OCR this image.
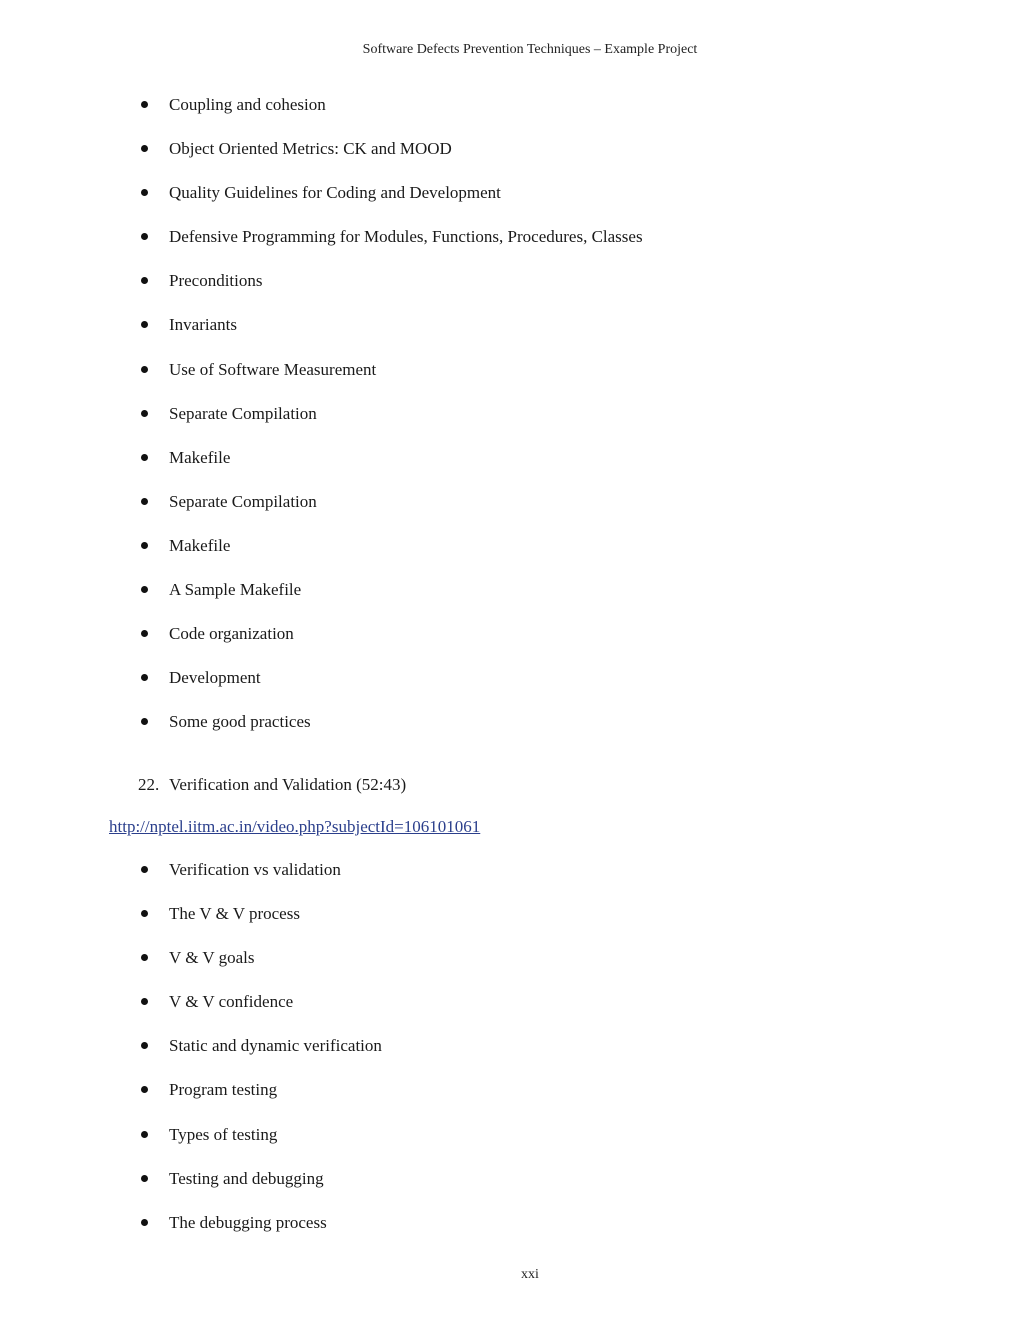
Software Defects Prevention Techniques – Example Project
Coupling and cohesion
Object Oriented Metrics: CK and MOOD
Quality Guidelines for Coding and Development
Defensive Programming for Modules, Functions, Procedures, Classes
Preconditions
Invariants
Use of Software Measurement
Separate Compilation
Makefile
Separate Compilation
Makefile
A Sample Makefile
Code organization
Development
Some good practices
22. Verification and Validation (52:43)
http://nptel.iitm.ac.in/video.php?subjectId=106101061
Verification vs validation
The V & V process
V & V goals
V & V confidence
Static and dynamic verification
Program testing
Types of testing
Testing and debugging
The debugging process
xxi
